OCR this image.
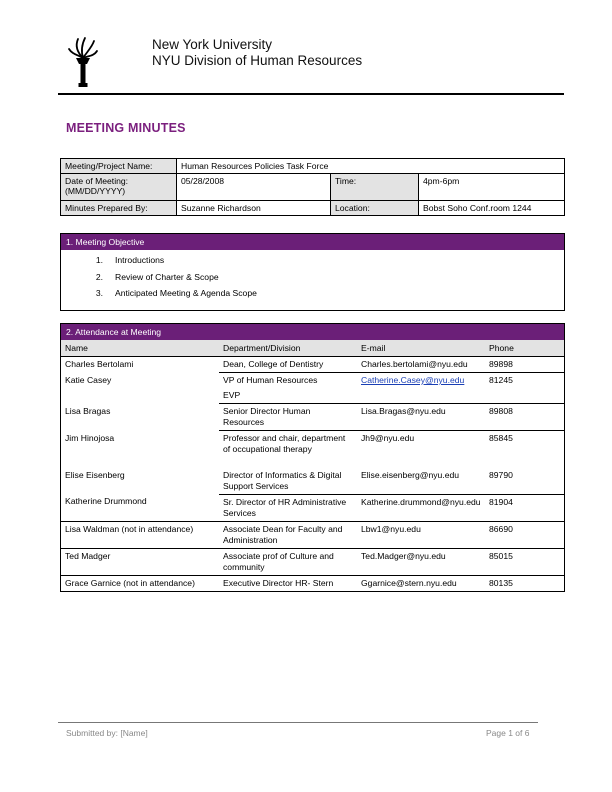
New York University
NYU Division of Human Resources
MEETING MINUTES
Meeting/Project Name:	Human Resources Policies Task Force		

Date of Meeting:
(MM/DD/YYYY)	05/28/2008	Time:	4pm-6pm
Minutes Prepared By:	Suzanne Richardson	Location:	Bobst Soho Conf.room 1244
1. Meeting Objective
1. Introductions
2. Review of Charter & Scope
3. Anticipated Meeting & Agenda Scope
2. Attendance at Meeting
Name	Department/Division	E-mail	Phone
Charles Bertolami	Dean, College of Dentistry	Charles.bertolami@nyu.edu	89898
Katie Casey	VP of Human Resources	Catherine.Casey@nyu.edu	81245
	EVP		
Lisa Bragas	Senior Director Human Resources	Lisa.Bragas@nyu.edu	89808
Jim Hinojosa	Professor and chair, department of occupational therapy	Jh9@nyu.edu	85845
Elise Eisenberg	Director of Informatics & Digital Support Services	Elise.eisenberg@nyu.edu	89790
Katherine Drummond	Sr. Director of HR Administrative Services	Katherine.drummond@nyu.edu	81904
Lisa Waldman (not in attendance)	Associate Dean for Faculty and Administration	Lbw1@nyu.edu	86690
Ted Madger	Associate prof of Culture and community	Ted.Madger@nyu.edu	85015
Grace Garnice (not in attendance)	Executive Director HR- Stern	Ggarnice@stern.nyu.edu	80135
Submitted by: [Name]	Page 1 of 6
